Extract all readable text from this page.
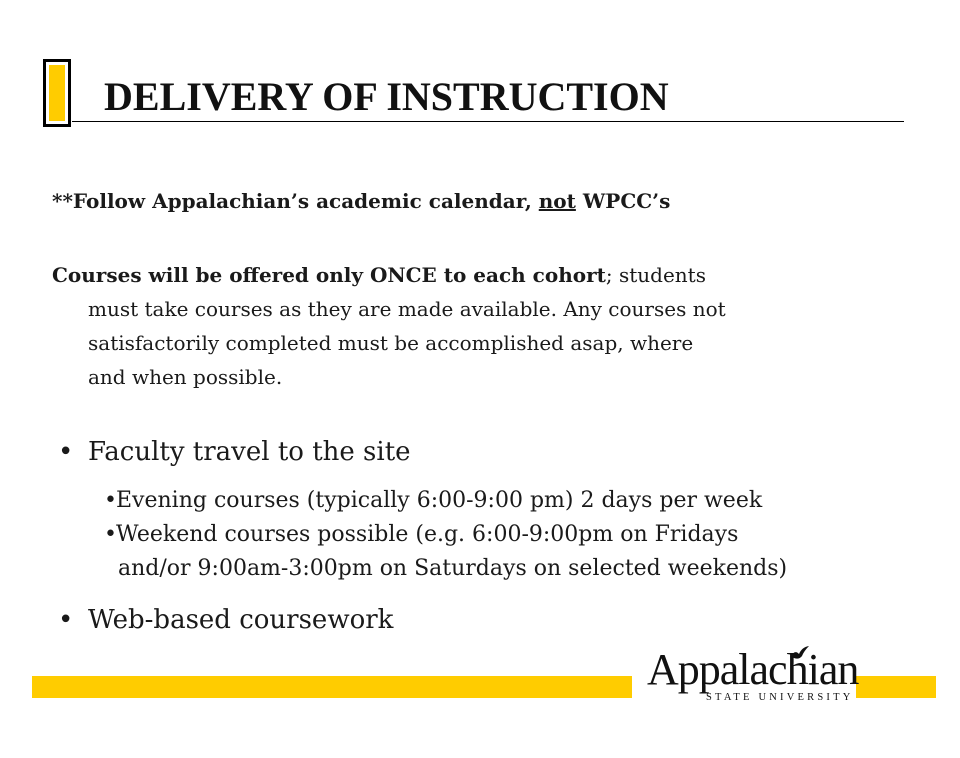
DELIVERY OF INSTRUCTION
**Follow Appalachian’s academic calendar, not WPCC’s
Courses will be offered only ONCE to each cohort; students
must take courses as they are made available. Any courses not
satisfactorily completed must be accomplished asap, where
and when possible.
• Faculty travel to the site
•Evening courses (typically 6:00-9:00 pm) 2 days per week
•Weekend courses possible (e.g. 6:00-9:00pm on Fridays
and/or 9:00am-3:00pm on Saturdays on selected weekends)
• Web-based coursework
Appalachian
STATE UNIVERSITY
